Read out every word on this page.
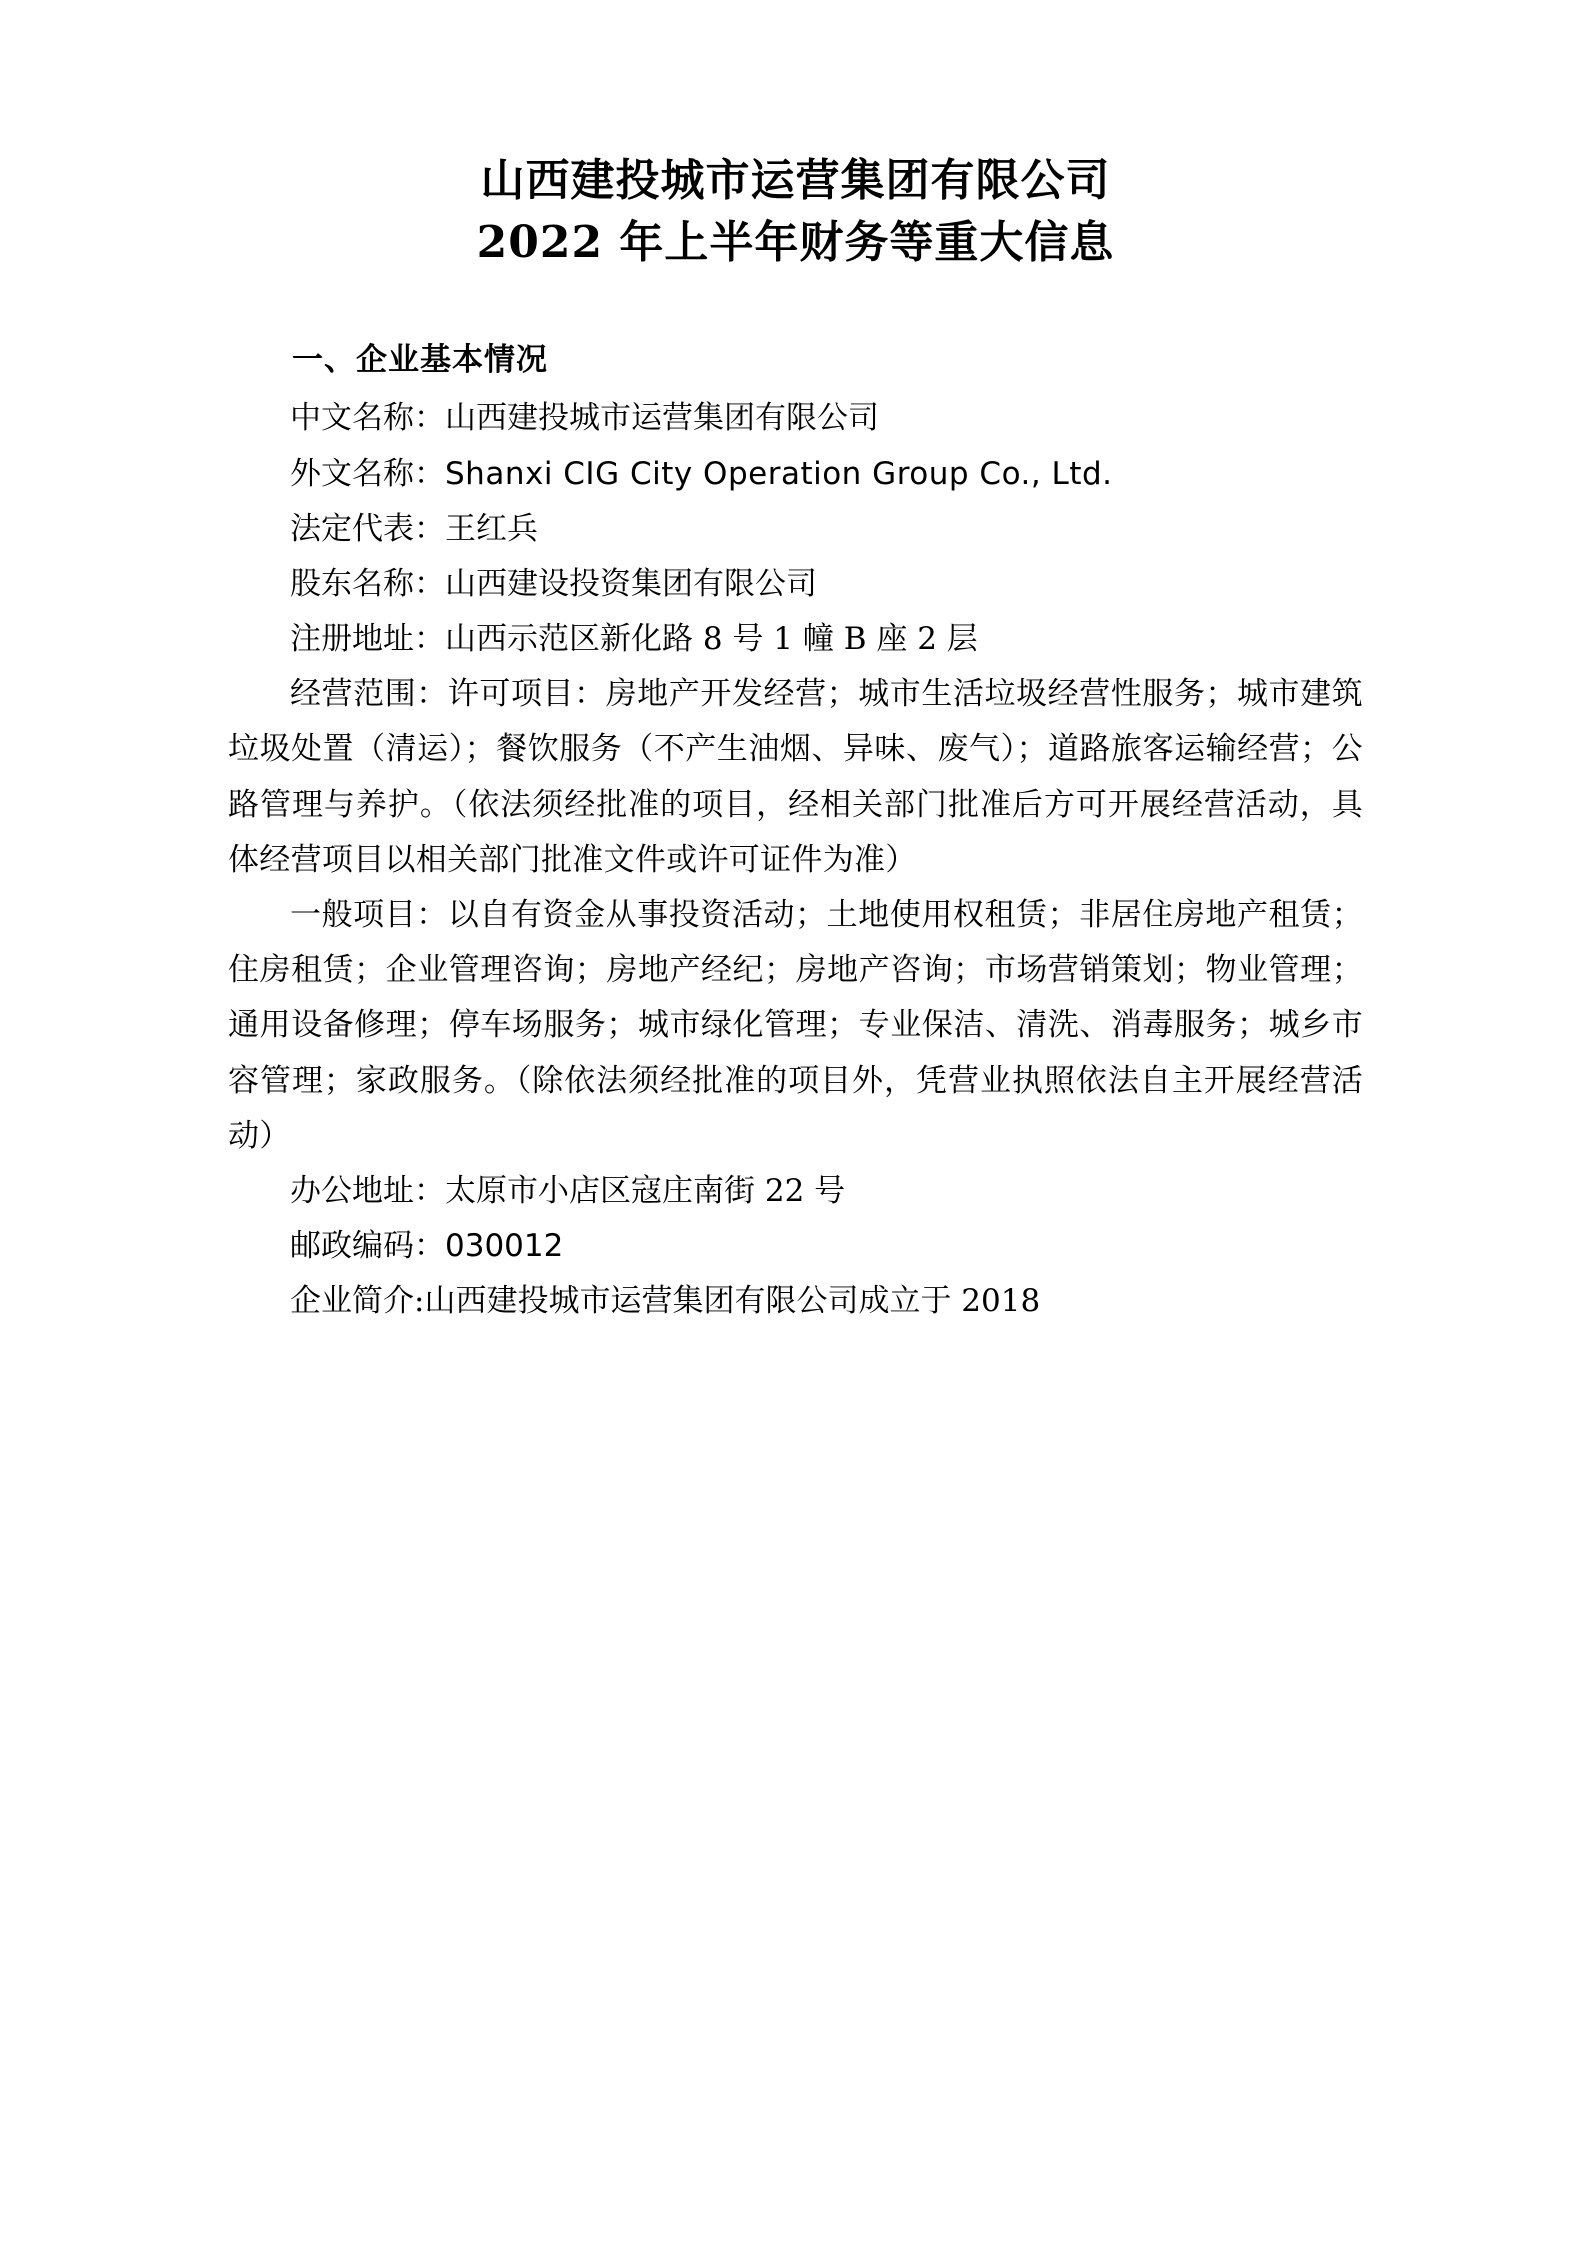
山西建投城市运营集团有限公司
2022 年上半年财务等重大信息
一、企业基本情况

中文名称：山西建投城市运营集团有限公司

外文名称：Shanxi CIG City Operation Group Co., Ltd.

法定代表：王红兵

股东名称：山西建设投资集团有限公司

注册地址：山西示范区新化路 8 号 1 幢 B 座 2 层

经营范围：许可项目：房地产开发经营；城市生活垃圾经营性服务；城市建筑垃圾处置（清运）；餐饮服务（不产生油烟、异味、废气）；道路旅客运输经营；公路管理与养护。（依法须经批准的项目，经相关部门批准后方可开展经营活动，具体经营项目以相关部门批准文件或许可证件为准）

一般项目：以自有资金从事投资活动；土地使用权租赁；非居住房地产租赁；住房租赁；企业管理咨询；房地产经纪；房地产咨询；市场营销策划；物业管理；通用设备修理；停车场服务；城市绿化管理；专业保洁、清洗、消毒服务；城乡市容管理；家政服务。（除依法须经批准的项目外，凭营业执照依法自主开展经营活动）

办公地址：太原市小店区寇庄南街 22 号

邮政编码：030012

企业简介:山西建投城市运营集团有限公司成立于 2018
